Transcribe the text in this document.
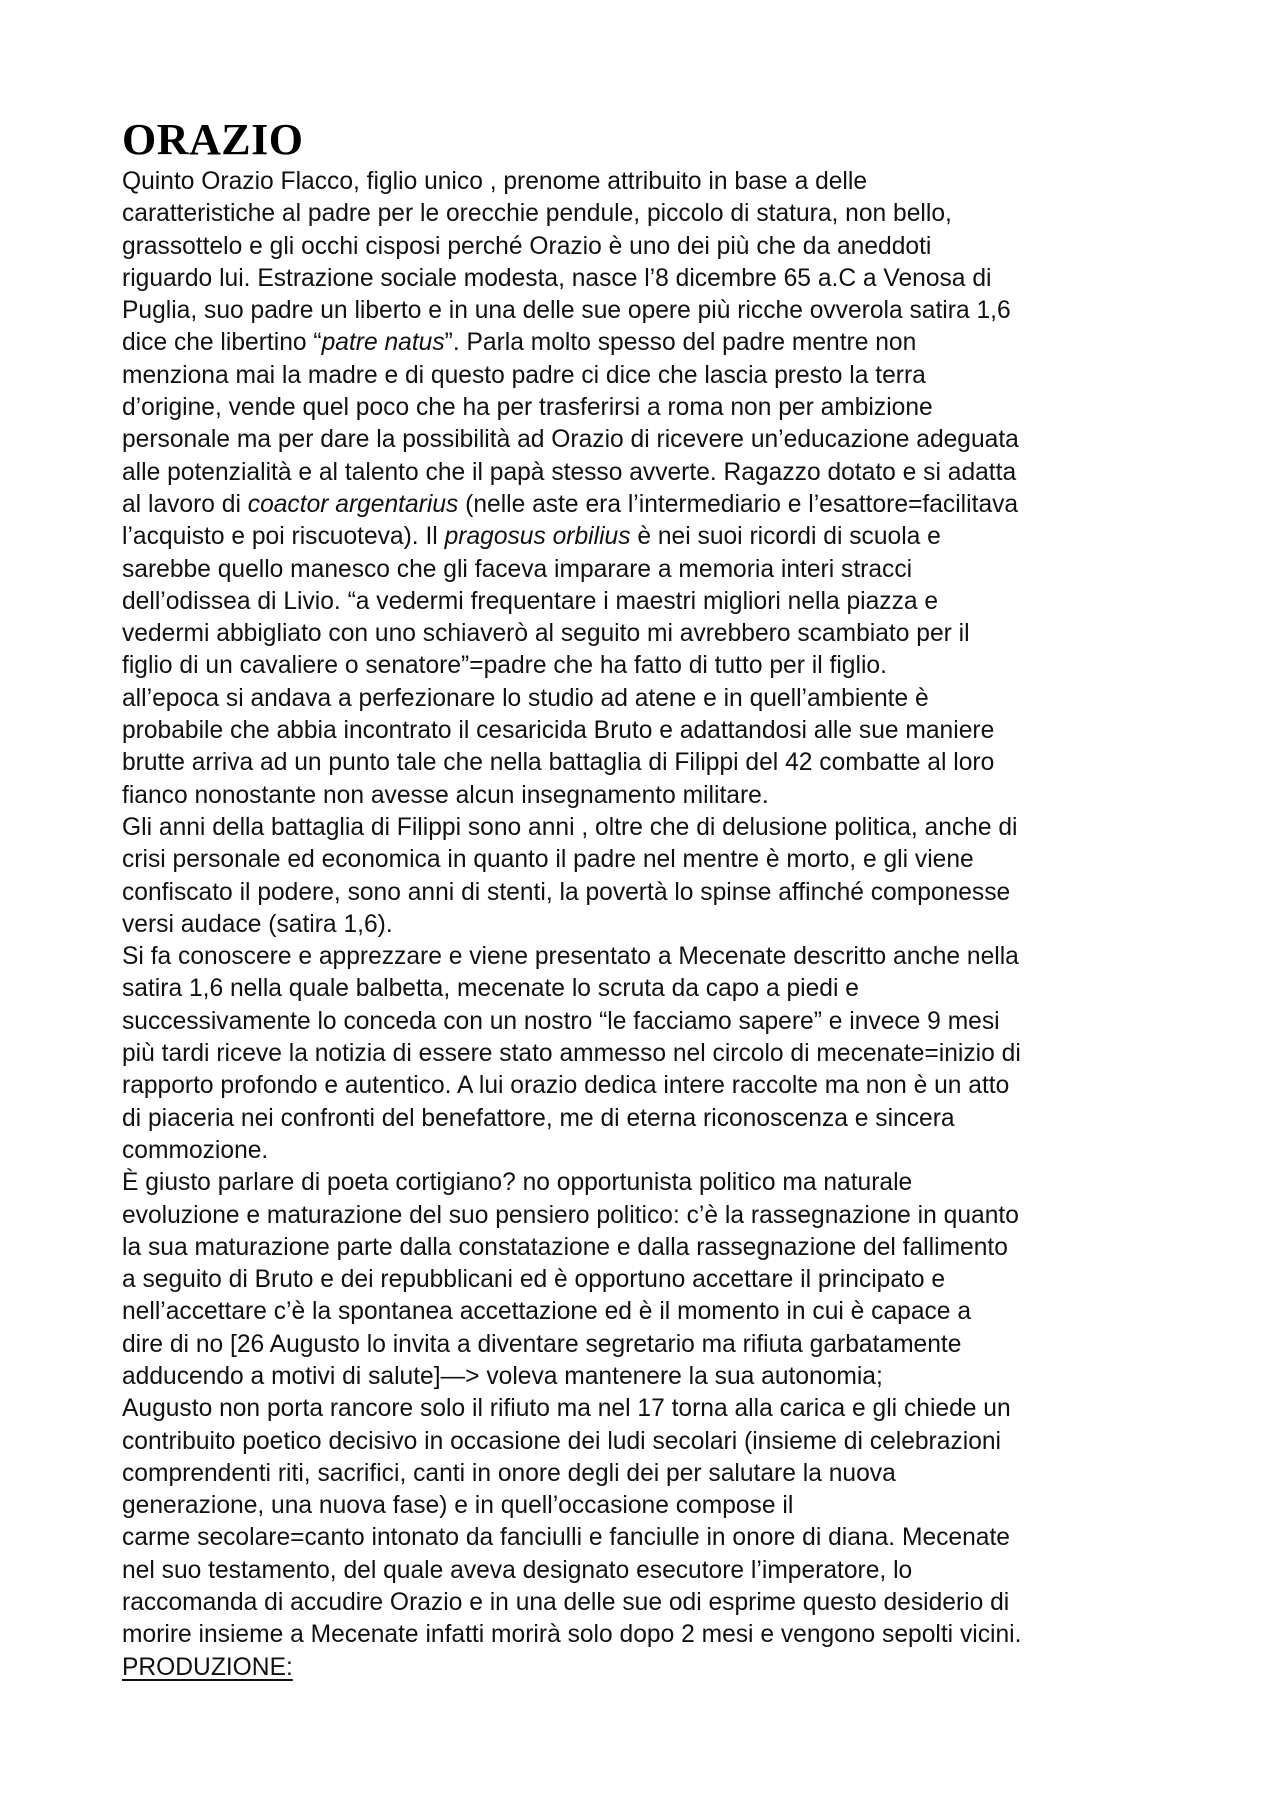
ORAZIO
Quinto Orazio Flacco, figlio unico , prenome attribuito in base a delle
caratteristiche al padre per le orecchie pendule, piccolo di statura, non bello,
grassottelo e gli occhi cisposi perché Orazio è uno dei più che da aneddoti
riguardo lui. Estrazione sociale modesta, nasce l’8 dicembre 65 a.C a Venosa di
Puglia, suo padre un liberto e in una delle sue opere più ricche ovverola satira 1,6
dice che libertino “patre natus”. Parla molto spesso del padre mentre non
menziona mai la madre e di questo padre ci dice che lascia presto la terra
d’origine, vende quel poco che ha per trasferirsi a roma non per ambizione
personale ma per dare la possibilità ad Orazio di ricevere un’educazione adeguata
alle potenzialità e al talento che il papà stesso avverte. Ragazzo dotato e si adatta
al lavoro di coactor argentarius (nelle aste era l’intermediario e l’esattore=facilitava
l’acquisto e poi riscuoteva). Il pragosus orbilius è nei suoi ricordi di scuola e
sarebbe quello manesco che gli faceva imparare a memoria interi stracci
dell’odissea di Livio. “a vedermi frequentare i maestri migliori nella piazza e
vedermi abbigliato con uno schiaverò al seguito mi avrebbero scambiato per il
figlio di un cavaliere o senatore”=padre che ha fatto di tutto per il figlio.
all’epoca si andava a perfezionare lo studio ad atene e in quell’ambiente è
probabile che abbia incontrato il cesaricida Bruto e adattandosi alle sue maniere
brutte arriva ad un punto tale che nella battaglia di Filippi del 42 combatte al loro
fianco nonostante non avesse alcun insegnamento militare.
Gli anni della battaglia di Filippi sono anni , oltre che di delusione politica, anche di
crisi personale ed economica in quanto il padre nel mentre è morto, e gli viene
confiscato il podere, sono anni di stenti, la povertà lo spinse affinché componesse
versi audace (satira 1,6).
Si fa conoscere e apprezzare e viene presentato a Mecenate descritto anche nella
satira 1,6 nella quale balbetta, mecenate lo scruta da capo a piedi e
successivamente lo conceda con un nostro “le facciamo sapere” e invece 9 mesi
più tardi riceve la notizia di essere stato ammesso nel circolo di mecenate=inizio di
rapporto profondo e autentico. A lui orazio dedica intere raccolte ma non è un atto
di piaceria nei confronti del benefattore, me di eterna riconoscenza e sincera
commozione.
È giusto parlare di poeta cortigiano? no opportunista politico ma naturale
evoluzione e maturazione del suo pensiero politico: c’è la rassegnazione in quanto
la sua maturazione parte dalla constatazione e dalla rassegnazione del fallimento
a seguito di Bruto e dei repubblicani ed è opportuno accettare il principato e
nell’accettare c’è la spontanea accettazione ed è il momento in cui è capace a
dire di no [26 Augusto lo invita a diventare segretario ma rifiuta garbatamente
adducendo a motivi di salute]—> voleva mantenere la sua autonomia;
Augusto non porta rancore solo il rifiuto ma nel 17 torna alla carica e gli chiede un
contribuito poetico decisivo in occasione dei ludi secolari (insieme di celebrazioni
comprendenti riti, sacrifici, canti in onore degli dei per salutare la nuova
generazione, una nuova fase) e in quell’occasione compose il
carme secolare=canto intonato da fanciulli e fanciulle in onore di diana. Mecenate
nel suo testamento, del quale aveva designato esecutore l’imperatore, lo
raccomanda di accudire Orazio e in una delle sue odi esprime questo desiderio di
morire insieme a Mecenate infatti morirà solo dopo 2 mesi e vengono sepolti vicini.
PRODUZIONE:
